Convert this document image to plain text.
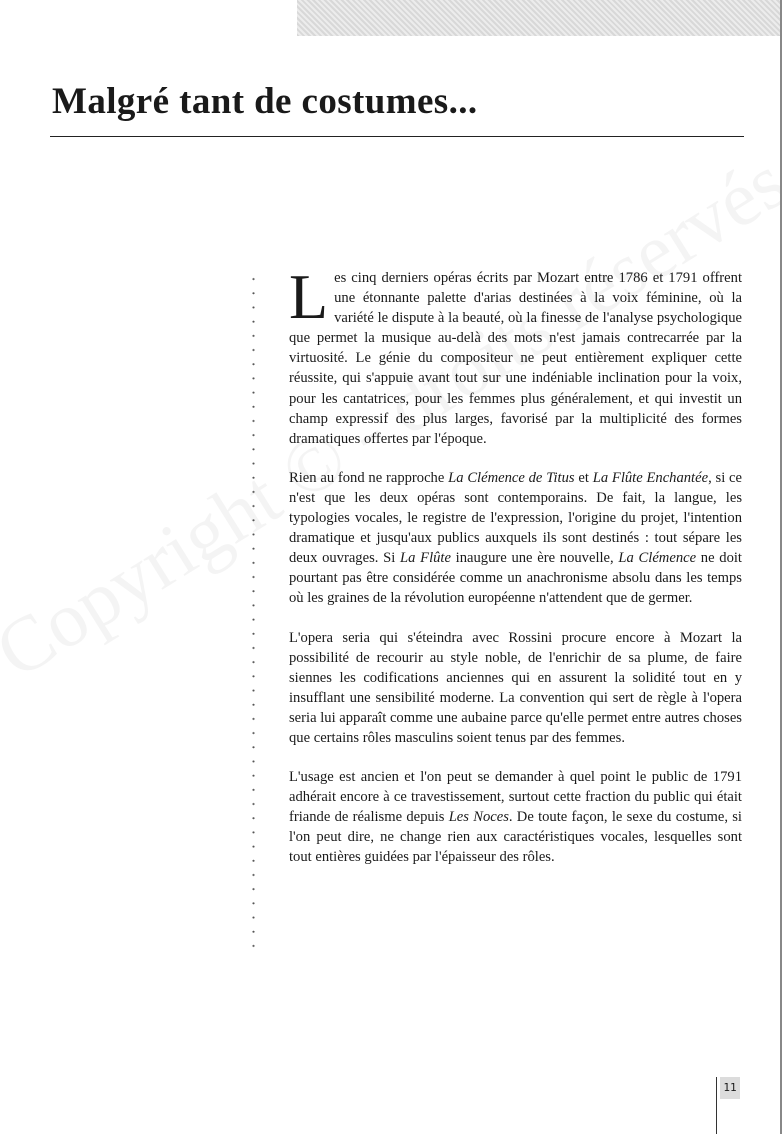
Malgré tant de costumes...

Les cinq derniers opéras écrits par Mozart entre 1786 et 1791 offrent une étonnante palette d'arias destinées à la voix féminine, où la variété le dispute à la beauté, où la finesse de l'analyse psychologique que permet la musique au-delà des mots n'est jamais contrecarrée par la virtuosité. Le génie du compositeur ne peut entièrement expliquer cette réussite, qui s'appuie avant tout sur une indéniable inclination pour la voix, pour les cantatrices, pour les femmes plus généralement, et qui investit un champ expressif des plus larges, favorisé par la multiplicité des formes dramatiques offertes par l'époque.

Rien au fond ne rapproche La Clémence de Titus et La Flûte Enchantée, si ce n'est que les deux opéras sont contemporains. De fait, la langue, les typologies vocales, le registre de l'expression, l'origine du projet, l'intention dramatique et jusqu'aux publics auxquels ils sont destinés : tout sépare les deux ouvrages. Si La Flûte inaugure une ère nouvelle, La Clémence ne doit pourtant pas être considérée comme un anachronisme absolu dans les temps où les graines de la révolution européenne n'attendent que de germer.

L'opera seria qui s'éteindra avec Rossini procure encore à Mozart la possibilité de recourir au style noble, de l'enrichir de sa plume, de faire siennes les codifications anciennes qui en assurent la solidité tout en y insufflant une sensibilité moderne. La convention qui sert de règle à l'opera seria lui apparaît comme une aubaine parce qu'elle permet entre autres choses que certains rôles masculins soient tenus par des femmes.

L'usage est ancien et l'on peut se demander à quel point le public de 1791 adhérait encore à ce travestissement, surtout cette fraction du public qui était friande de réalisme depuis Les Noces. De toute façon, le sexe du costume, si l'on peut dire, ne change rien aux caractéristiques vocales, lesquelles sont tout entières guidées par l'épaisseur des rôles.

11
